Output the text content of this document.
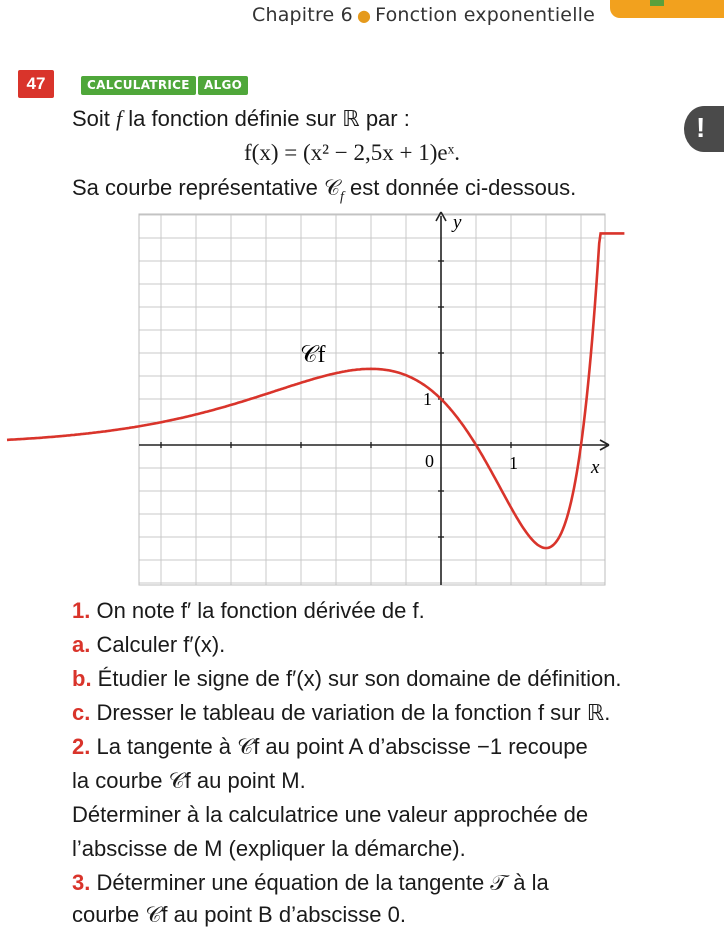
Chapitre 6 ● Fonction exponentielle
47	CALCULATRICE	ALGO
!
Soit f la fonction définie sur ℝ par :
f(x) = (x² − 2,5x + 1)eˣ.
Sa courbe représentative 𝒞$_f$ est donnée ci-dessous.
y
x
0	1
1
𝒞f
1. On note f′ la fonction dérivée de f.
a. Calculer f′(x).
b. Étudier le signe de f′(x) sur son domaine de définition.
c. Dresser le tableau de variation de la fonction f sur ℝ.
2. La tangente à 𝒞f au point A d’abscisse −1 recoupe
la courbe 𝒞f au point M.
Déterminer à la calculatrice une valeur approchée de
l’abscisse de M (expliquer la démarche).
3. Déterminer une équation de la tangente 𝒯 à la
courbe 𝒞f au point B d’abscisse 0.
